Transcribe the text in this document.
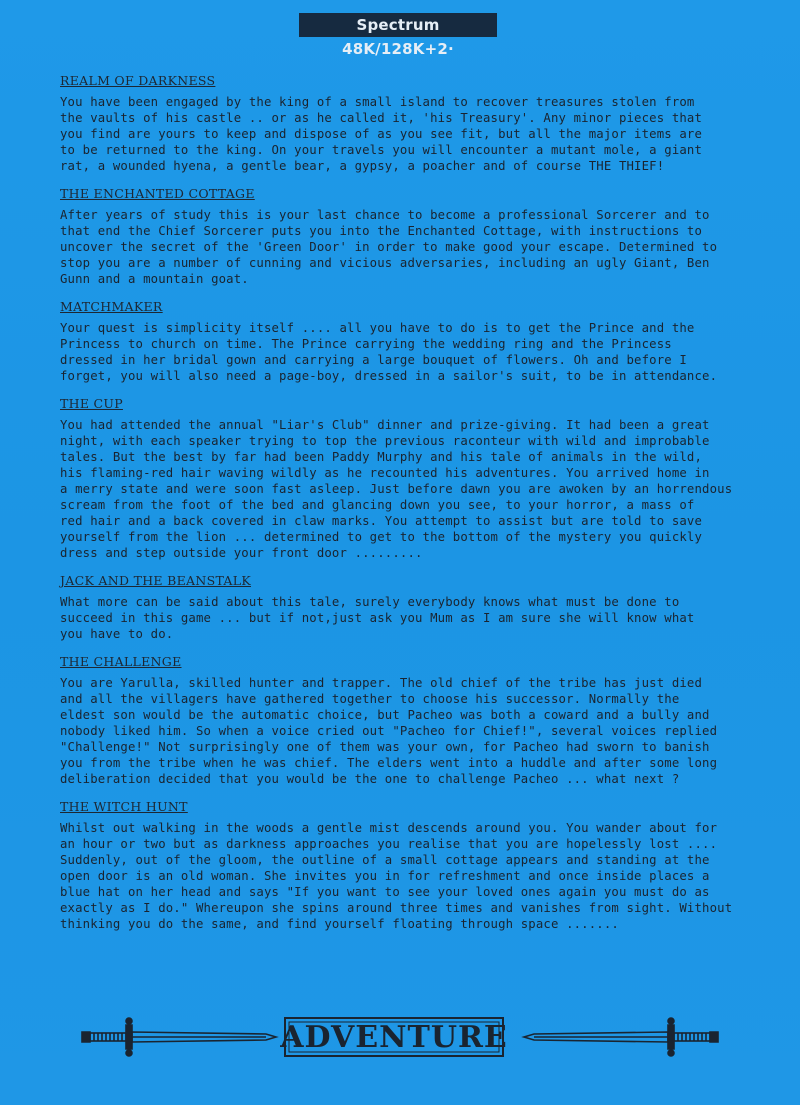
Spectrum 48K/128K+2·
REALM OF DARKNESS
You have been engaged by the king of a small island to recover treasures stolen from
the vaults of his castle .. or as he called it, 'his Treasury'. Any minor pieces that
you find are yours to keep and dispose of as you see fit, but all the major items are
to be returned to the king. On your travels you will encounter a mutant mole, a giant
rat, a wounded hyena, a gentle bear, a gypsy, a poacher and of course THE THIEF!
THE ENCHANTED COTTAGE
After years of study this is your last chance to become a professional Sorcerer and to
that end the Chief Sorcerer puts you into the Enchanted Cottage, with instructions to
uncover the secret of the 'Green Door' in order to make good your escape. Determined to
stop you are a number of cunning and vicious adversaries, including an ugly Giant, Ben
Gunn and a mountain goat.
MATCHMAKER
Your quest is simplicity itself .... all you have to do is to get the Prince and the
Princess to church on time. The Prince carrying the wedding ring and the Princess
dressed in her bridal gown and carrying a large bouquet of flowers. Oh and before I
forget, you will also need a page-boy, dressed in a sailor's suit, to be in attendance.
THE CUP
You had attended the annual "Liar's Club" dinner and prize-giving. It had been a great
night, with each speaker trying to top the previous raconteur with wild and improbable
tales. But the best by far had been Paddy Murphy and his tale of animals in the wild,
his flaming-red hair waving wildly as he recounted his adventures. You arrived home in
a merry state and were soon fast asleep. Just before dawn you are awoken by an horrendous
scream from the foot of the bed and glancing down you see, to your horror, a mass of
red hair and a back covered in claw marks. You attempt to assist but are told to save
yourself from the lion ... determined to get to the bottom of the mystery you quickly
dress and step outside your front door .........
JACK AND THE BEANSTALK
What more can be said about this tale, surely everybody knows what must be done to
succeed in this game ... but if not,just ask you Mum as I am sure she will know what
you have to do.
THE CHALLENGE
You are Yarulla, skilled hunter and trapper. The old chief of the tribe has just died
and all the villagers have gathered together to choose his successor. Normally the
eldest son would be the automatic choice, but Pacheo was both a coward and a bully and
nobody liked him. So when a voice cried out "Pacheo for Chief!", several voices replied
"Challenge!" Not surprisingly one of them was your own, for Pacheo had sworn to banish
you from the tribe when he was chief. The elders went into a huddle and after some long
deliberation decided that you would be the one to challenge Pacheo ... what next ?
THE WITCH HUNT
Whilst out walking in the woods a gentle mist descends around you. You wander about for
an hour or two but as darkness approaches you realise that you are hopelessly lost ....
Suddenly, out of the gloom, the outline of a small cottage appears and standing at the
open door is an old woman. She invites you in for refreshment and once inside places a
blue hat on her head and says "If you want to see your loved ones again you must do as
exactly as I do." Whereupon she spins around three times and vanishes from sight. Without
thinking you do the same, and find yourself floating through space .......
ADVENTURE
